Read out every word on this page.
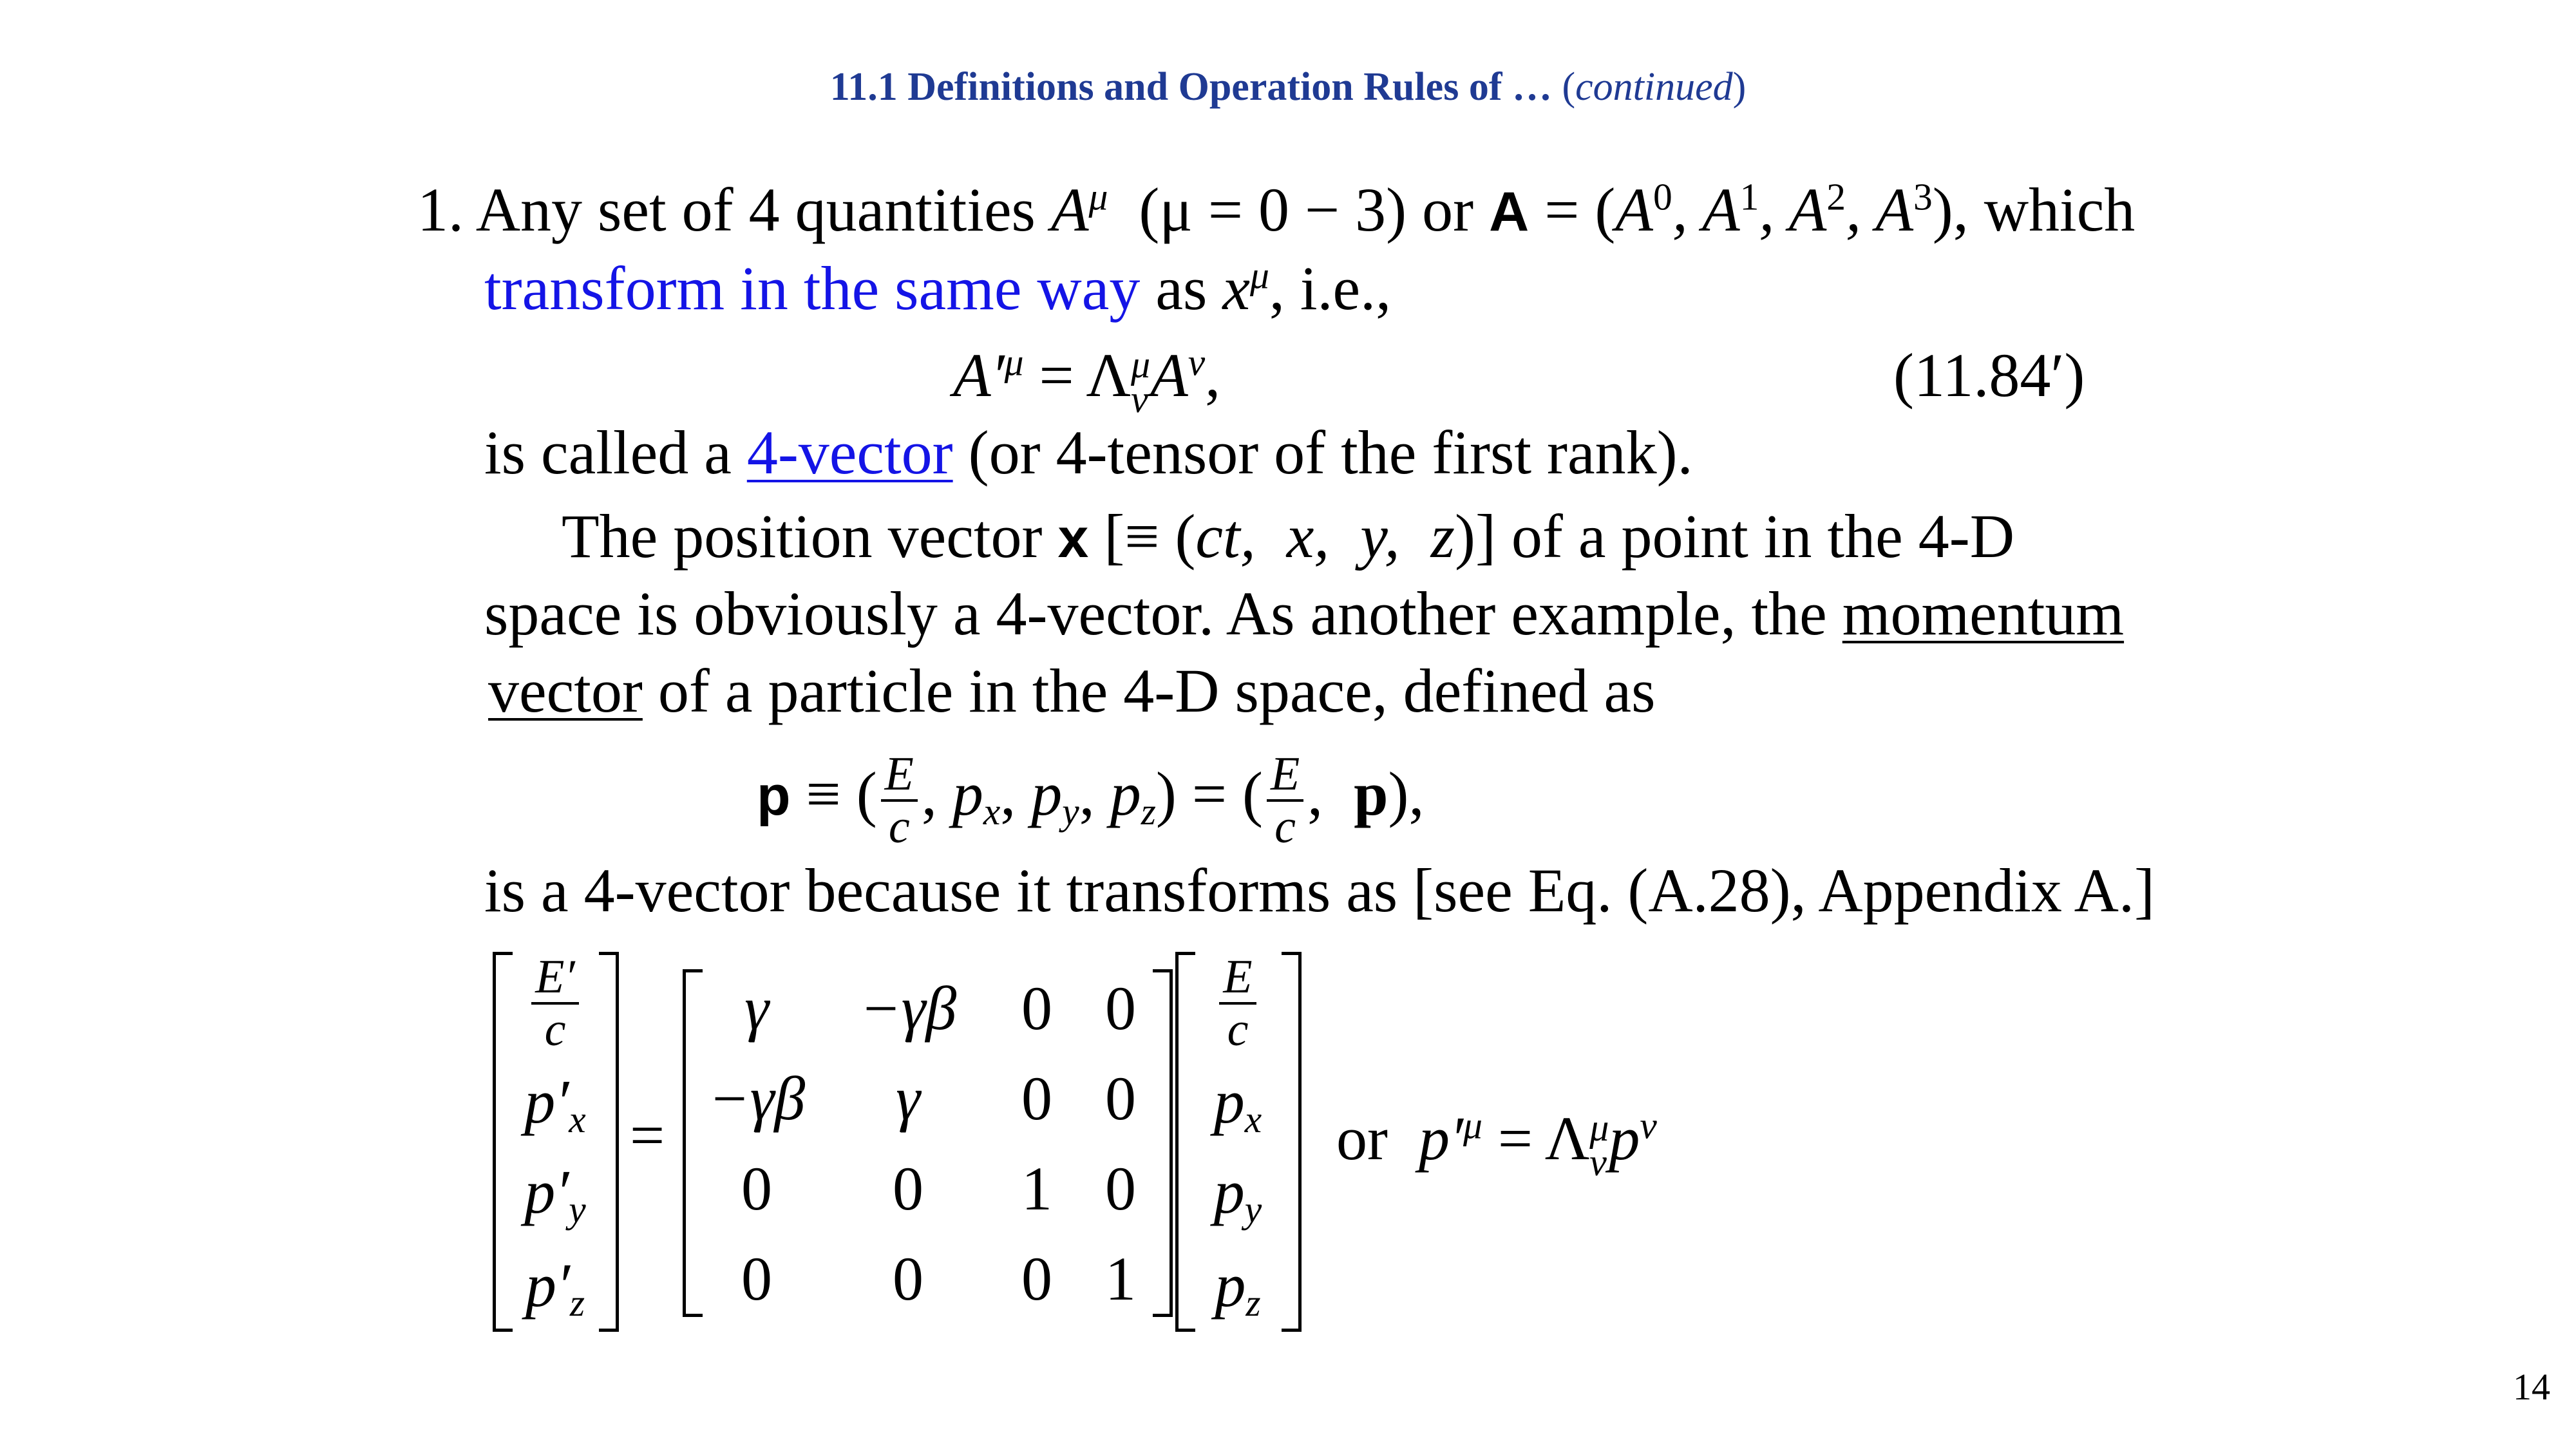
11.1 Definitions and Operation Rules of … (continued)
1. Any set of 4 quantities $A^\mu$ (μ = 0 − 3) or $A = (A^0$, $A^1$, $A^2$, $A^3$), which
transform in the same way as $x^\mu$, i.e.,
$A'^\mu = \Lambda$ μ
ν $A^\nu$,	(11.84′)
is called a 4-vector (or 4-tensor of the first rank).
The position vector x [≡ (ct,  x,  y,  z)] of a point in the 4-D
space is obviously a 4-vector. As another example, the momentum
vector of a particle in the 4-D space, defined as
p ≡ ( $\frac{E}{c}$ , $p_x$, $p_y$, $p_z$) = ( $\frac{E}{c}$ ,  p),
is a 4-vector because it transforms as [see Eq. (A.28), Appendix A.]
$\frac{E'}{c}$
$p'_x$
$p'_y$
$p'_z$
=
γ	−γβ	0 0
−γβ	γ	0 0
0	0	1 0
0	0	0 1
$\frac{E}{c}$
$p_x$
$p_y$
$p_z$
or $p'^\mu = \Lambda$ μ
ν $p^\nu$
14
